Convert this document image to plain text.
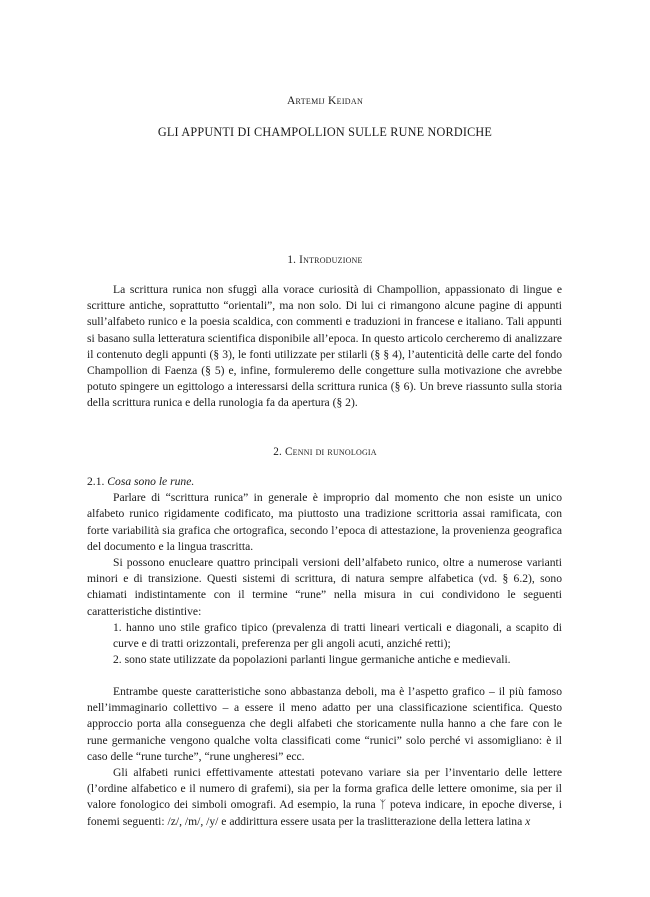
Artemij Keidan
GLI APPUNTI DI CHAMPOLLION SULLE RUNE NORDICHE
1. Introduzione

La scrittura runica non sfuggì alla vorace curiosità di Champollion, appassionato di lingue e scritture antiche, soprattutto “orientali”, ma non solo. Di lui ci rimangono alcune pagine di appunti sull’alfabeto runico e la poesia scaldica, con commenti e traduzioni in francese e italiano. Tali appunti si basano sulla letteratura scientifica disponibile all’epoca. In questo articolo cercheremo di analizzare il contenuto degli appunti (§ 3), le fonti utilizzate per stilarli (§ § 4), l’autenticità delle carte del fondo Champollion di Faenza (§ 5) e, infine, formuleremo delle congetture sulla motivazione che avrebbe potuto spingere un egittologo a interessarsi della scrittura runica (§ 6). Un breve riassunto sulla storia della scrittura runica e della runologia fa da apertura (§ 2).

2. Cenni di runologia

2.1. Cosa sono le rune.

Parlare di “scrittura runica” in generale è improprio dal momento che non esiste un unico alfabeto runico rigidamente codificato, ma piuttosto una tradizione scrittoria assai ramificata, con forte variabilità sia grafica che ortografica, secondo l’epoca di attestazione, la provenienza geografica del documento e la lingua trascritta.

Si possono enucleare quattro principali versioni dell’alfabeto runico, oltre a numerose varianti minori e di transizione. Questi sistemi di scrittura, di natura sempre alfabetica (vd. § 6.2), sono chiamati indistintamente con il termine “rune” nella misura in cui condividono le seguenti caratteristiche distintive:

1. hanno uno stile grafico tipico (prevalenza di tratti lineari verticali e diagonali, a scapito di curve e di tratti orizzontali, preferenza per gli angoli acuti, anziché retti);

2. sono state utilizzate da popolazioni parlanti lingue germaniche antiche e medievali.

Entrambe queste caratteristiche sono abbastanza deboli, ma è l’aspetto grafico – il più famoso nell’immaginario collettivo – a essere il meno adatto per una classificazione scientifica. Questo approccio porta alla conseguenza che degli alfabeti che storicamente nulla hanno a che fare con le rune germaniche vengono qualche volta classificati come “runici” solo perché vi assomigliano: è il caso delle “rune turche”, “rune ungheresi” ecc.

Gli alfabeti runici effettivamente attestati potevano variare sia per l’inventario delle lettere (l’ordine alfabetico e il numero di grafemi), sia per la forma grafica delle lettere omonime, sia per il valore fonologico dei simboli omografi. Ad esempio, la runa ᛉ poteva indicare, in epoche diverse, i fonemi seguenti: /z/, /m/, /y/ e addirittura essere usata per la traslitterazione della lettera latina x
